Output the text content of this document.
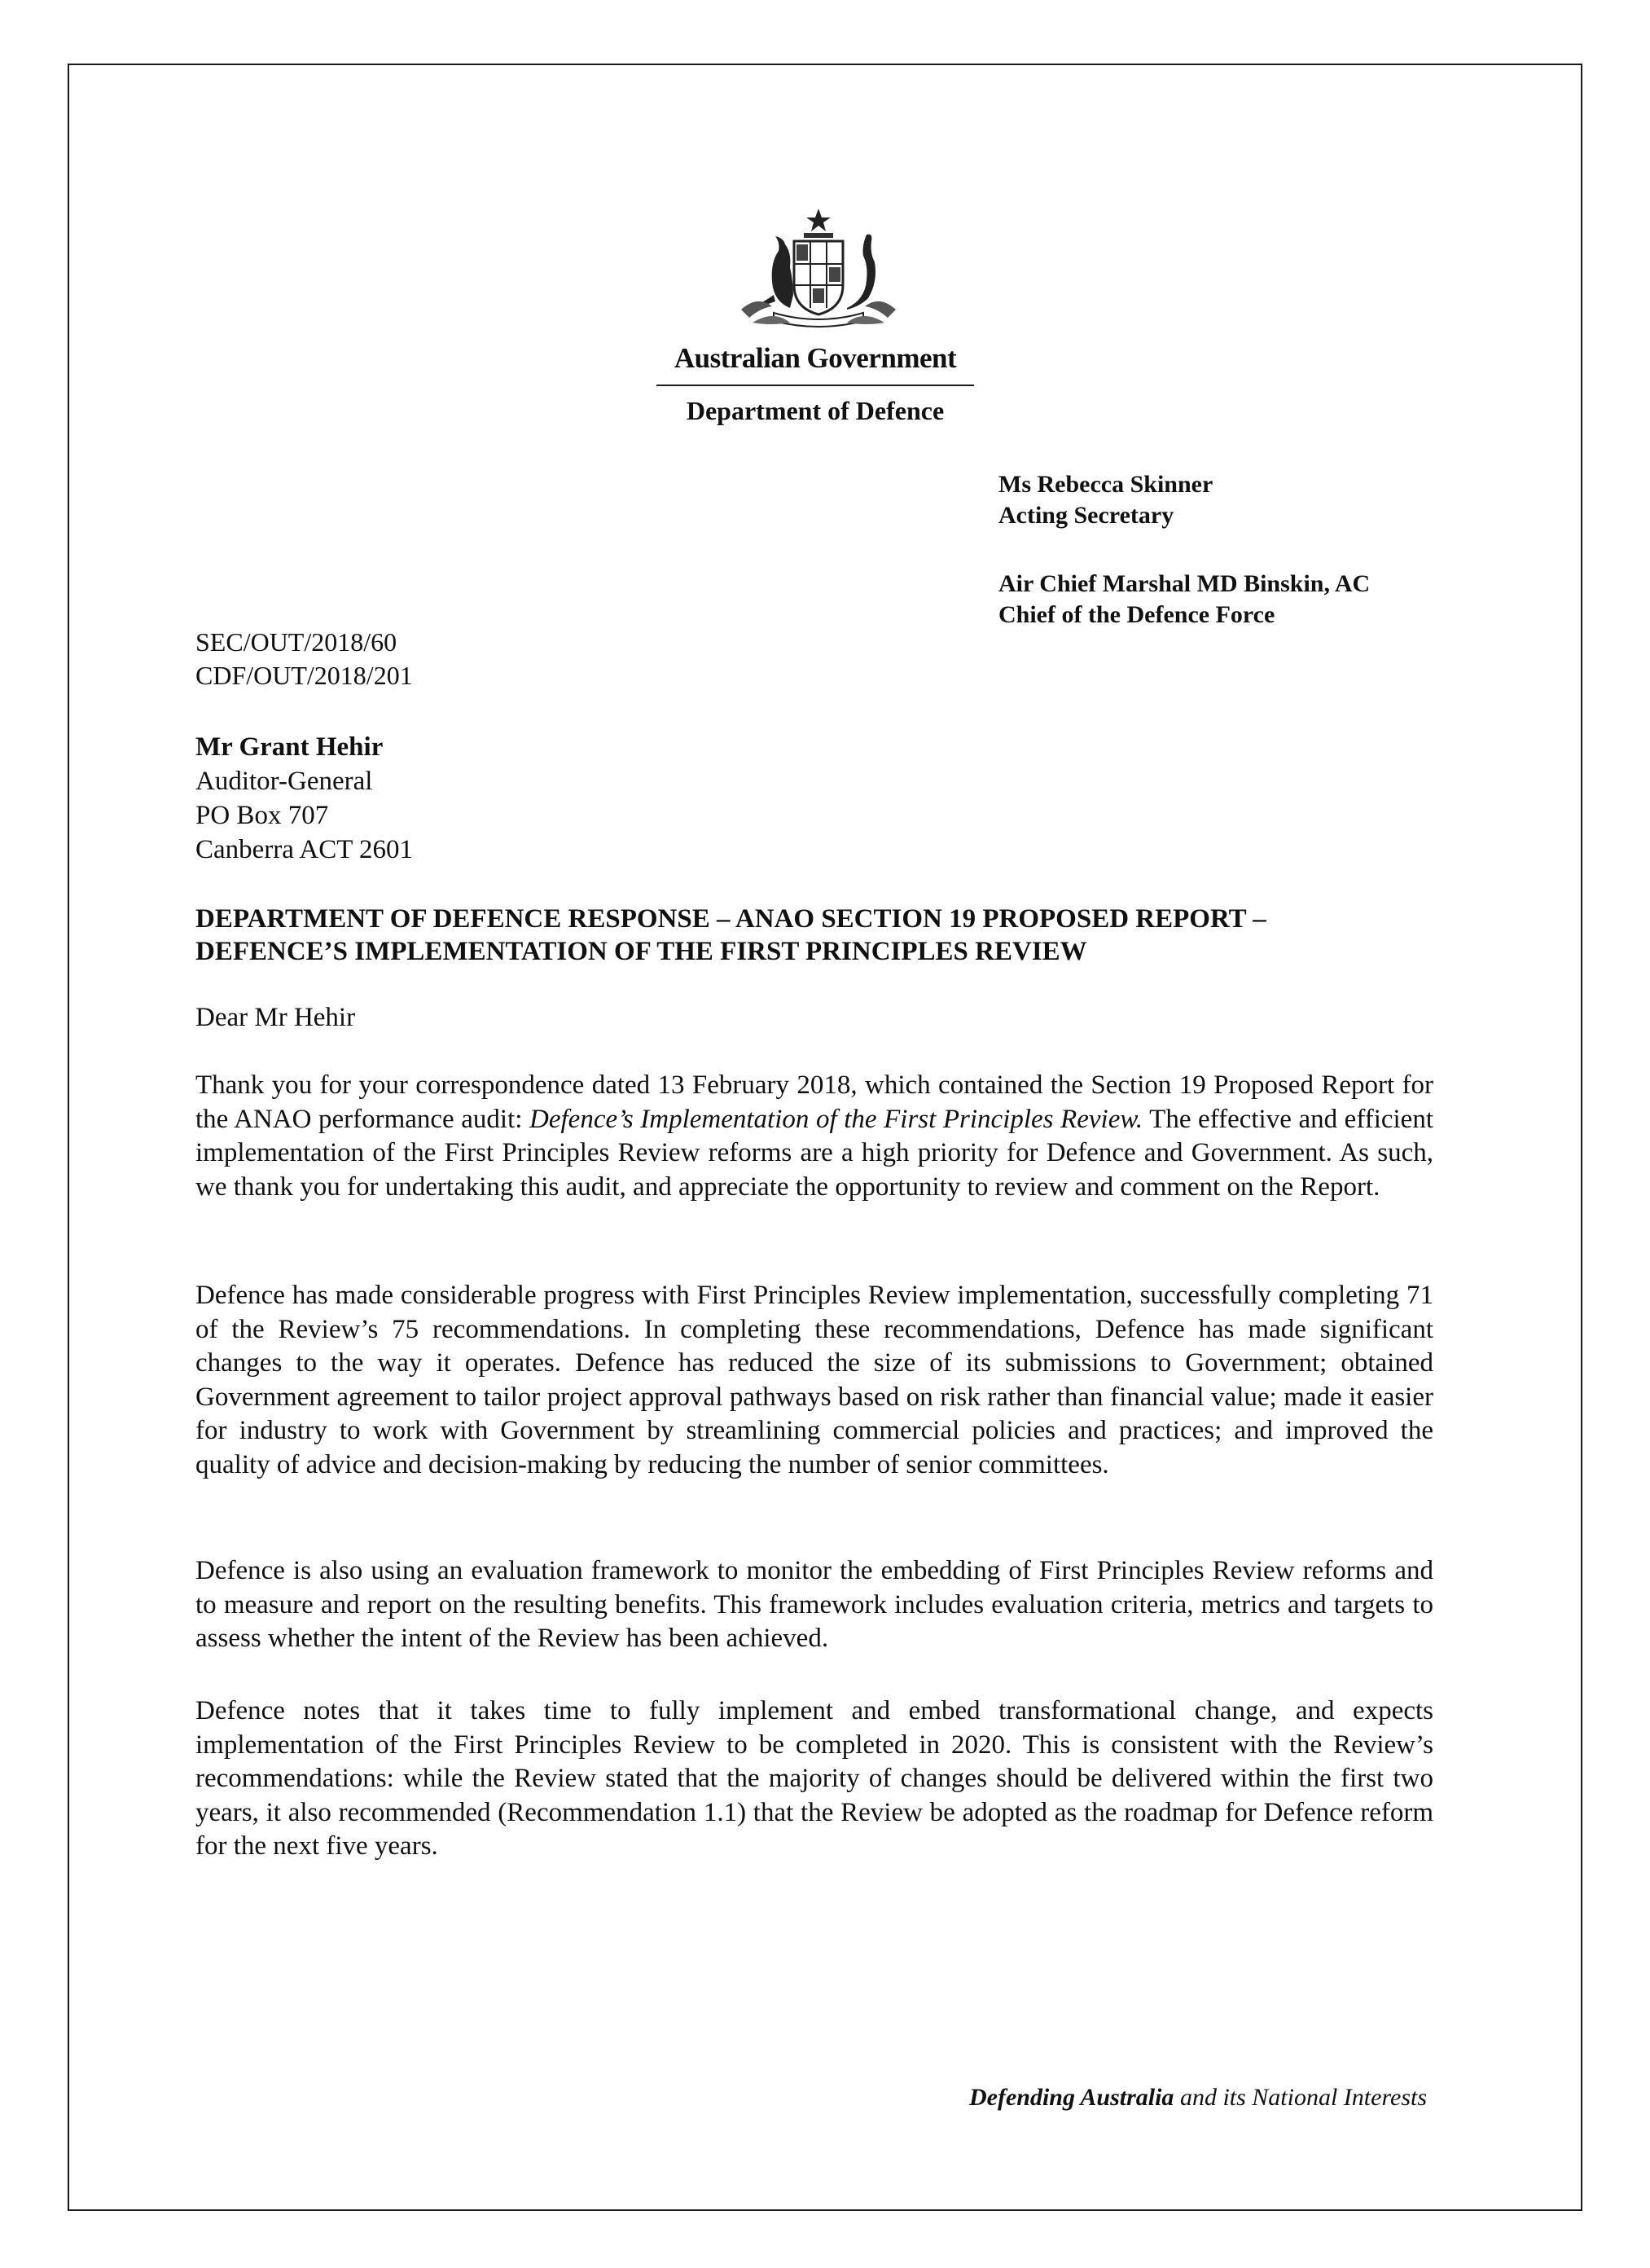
Australian Government
Department of Defence
Ms Rebecca Skinner
Acting Secretary
Air Chief Marshal MD Binskin, AC
Chief of the Defence Force
SEC/OUT/2018/60
CDF/OUT/2018/201
Mr Grant Hehir
Auditor-General
PO Box 707
Canberra ACT 2601
DEPARTMENT OF DEFENCE RESPONSE – ANAO SECTION 19 PROPOSED REPORT –
DEFENCE’S IMPLEMENTATION OF THE FIRST PRINCIPLES REVIEW
Dear Mr Hehir

Thank you for your correspondence dated 13 February 2018, which contained the Section 19 Proposed Report for the ANAO performance audit: Defence’s Implementation of the First Principles Review. The effective and efficient implementation of the First Principles Review reforms are a high priority for Defence and Government. As such, we thank you for undertaking this audit, and appreciate the opportunity to review and comment on the Report.

Defence has made considerable progress with First Principles Review implementation, successfully completing 71 of the Review’s 75 recommendations. In completing these recommendations, Defence has made significant changes to the way it operates. Defence has reduced the size of its submissions to Government; obtained Government agreement to tailor project approval pathways based on risk rather than financial value; made it easier for industry to work with Government by streamlining commercial policies and practices; and improved the quality of advice and decision-making by reducing the number of senior committees.

Defence is also using an evaluation framework to monitor the embedding of First Principles Review reforms and to measure and report on the resulting benefits. This framework includes evaluation criteria, metrics and targets to assess whether the intent of the Review has been achieved.

Defence notes that it takes time to fully implement and embed transformational change, and expects implementation of the First Principles Review to be completed in 2020. This is consistent with the Review’s recommendations: while the Review stated that the majority of changes should be delivered within the first two years, it also recommended (Recommendation 1.1) that the Review be adopted as the roadmap for Defence reform for the next five years.

Defending Australia and its National Interests
